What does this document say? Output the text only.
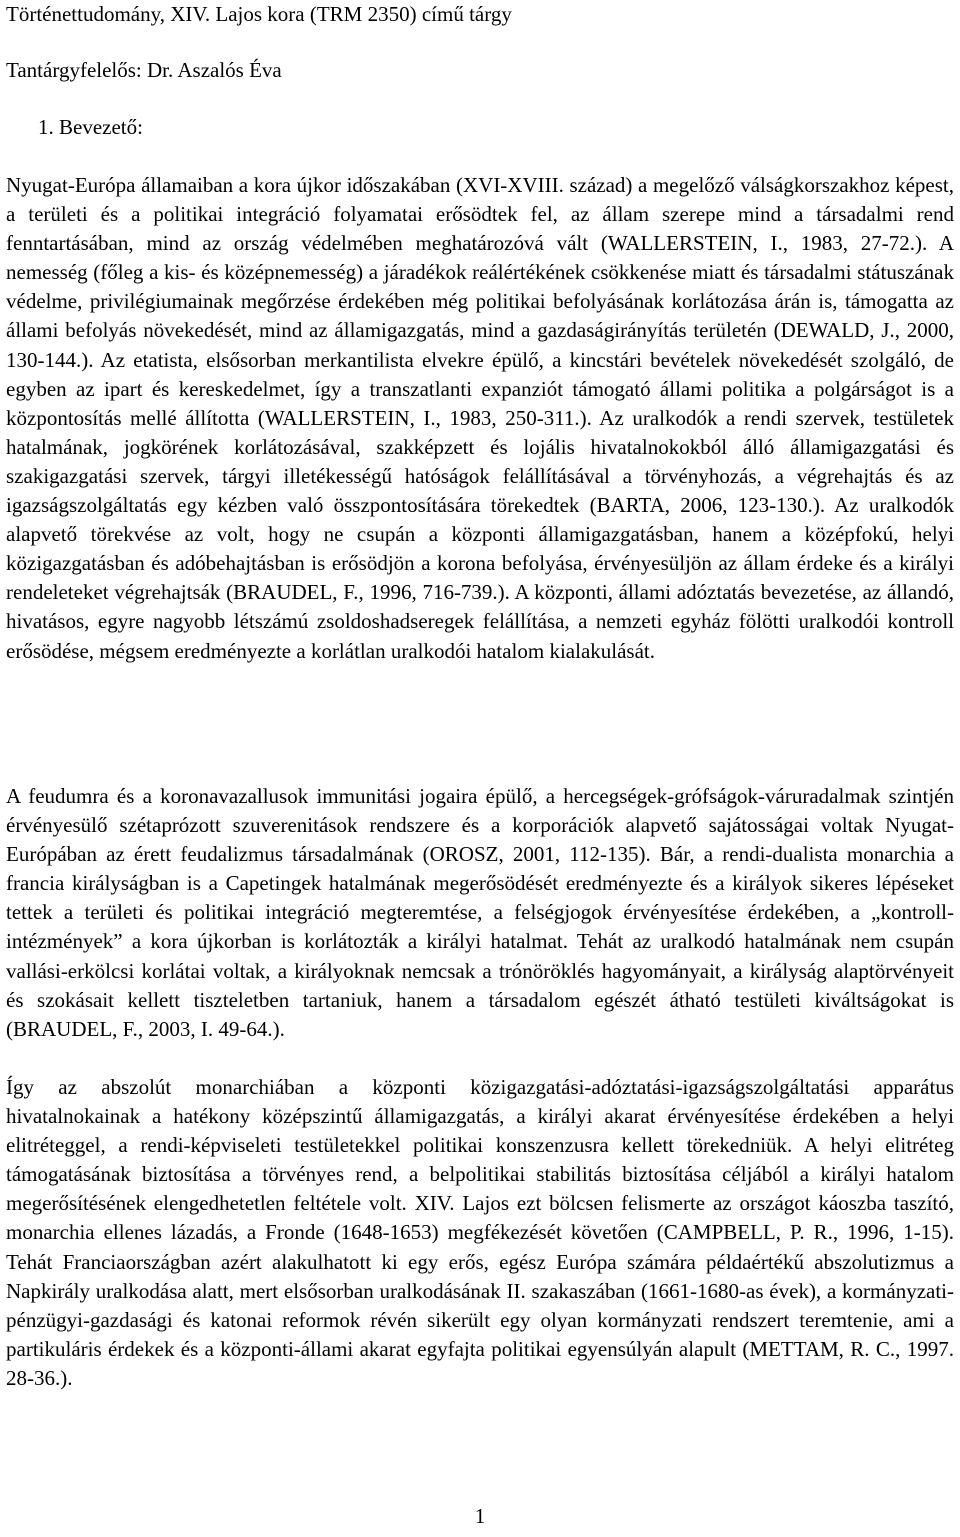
Történettudomány, XIV. Lajos kora (TRM 2350) című tárgy
Tantárgyfelelős: Dr. Aszalós Éva
1. Bevezető:
Nyugat-Európa államaiban a kora újkor időszakában (XVI-XVIII. század) a megelőző válságkorszakhoz képest, a területi és a politikai integráció folyamatai erősödtek fel, az állam szerepe mind a társadalmi rend fenntartásában, mind az ország védelmében meghatározóvá vált (WALLERSTEIN, I., 1983, 27-72.). A nemesség (főleg a kis- és középnemesség) a járadékok reálértékének csökkenése miatt és társadalmi státuszának védelme, privilégiumainak megőrzése érdekében még politikai befolyásának korlátozása árán is, támogatta az állami befolyás növekedését, mind az államigazgatás, mind a gazdaságirányítás területén (DEWALD, J., 2000, 130-144.). Az etatista, elsősorban merkantilista elvekre épülő, a kincstári bevételek növekedését szolgáló, de egyben az ipart és kereskedelmet, így a transzatlanti expanziót támogató állami politika a polgárságot is a központosítás mellé állította (WALLERSTEIN, I., 1983, 250-311.). Az uralkodók a rendi szervek, testületek hatalmának, jogkörének korlátozásával, szakképzett és lojális hivatalnokokból álló államigazgatási és szakigazgatási szervek, tárgyi illetékességű hatóságok felállításával a törvényhozás, a végrehajtás és az igazságszolgáltatás egy kézben való összpontosítására törekedtek (BARTA, 2006, 123-130.). Az uralkodók alapvető törekvése az volt, hogy ne csupán a központi államigazgatásban, hanem a középfokú, helyi közigazgatásban és adóbehajtásban is erősödjön a korona befolyása, érvényesüljön az állam érdeke és a királyi rendeleteket végrehajtsák (BRAUDEL, F., 1996, 716-739.). A központi, állami adóztatás bevezetése, az állandó, hivatásos, egyre nagyobb létszámú zsoldoshadseregek felállítása, a nemzeti egyház fölötti uralkodói kontroll erősödése, mégsem eredményezte a korlátlan uralkodói hatalom kialakulását.
A feudumra és a koronavazallusok immunitási jogaira épülő, a hercegségek-grófságok-váruradalmak szintjén érvényesülő szétaprózott szuverenitások rendszere és a korporációk alapvető sajátosságai voltak Nyugat-Európában az érett feudalizmus társadalmának (OROSZ, 2001, 112-135). Bár, a rendi-dualista monarchia a francia királyságban is a Capetingek hatalmának megerősödését eredményezte és a királyok sikeres lépéseket tettek a területi és politikai integráció megteremtése, a felségjogok érvényesítése érdekében, a „kontroll-intézmények” a kora újkorban is korlátozták a királyi hatalmat. Tehát az uralkodó hatalmának nem csupán vallási-erkölcsi korlátai voltak, a királyoknak nemcsak a trónöröklés hagyományait, a királyság alaptörvényeit és szokásait kellett tiszteletben tartaniuk, hanem a társadalom egészét átható testületi kiváltságokat is (BRAUDEL, F., 2003, I. 49-64.).
Így az abszolút monarchiában a központi közigazgatási-adóztatási-igazságszolgáltatási apparátus hivatalnokainak a hatékony középszintű államigazgatás, a királyi akarat érvényesítése érdekében a helyi elitréteggel, a rendi-képviseleti testületekkel politikai konszenzusra kellett törekedniük. A helyi elitréteg támogatásának biztosítása a törvényes rend, a belpolitikai stabilitás biztosítása céljából a királyi hatalom megerősítésének elengedhetetlen feltétele volt. XIV. Lajos ezt bölcsen felismerte az országot káoszba taszító, monarchia ellenes lázadás, a Fronde (1648-1653) megfékezését követően (CAMPBELL, P. R., 1996, 1-15). Tehát Franciaországban azért alakulhatott ki egy erős, egész Európa számára példaértékű abszolutizmus a Napkirály uralkodása alatt, mert elsősorban uralkodásának II. szakaszában (1661-1680-as évek), a kormányzati-pénzügyi-gazdasági és katonai reformok révén sikerült egy olyan kormányzati rendszert teremtenie, ami a partikuláris érdekek és a központi-állami akarat egyfajta politikai egyensúlyán alapult (METTAM, R. C., 1997. 28-36.).
1
